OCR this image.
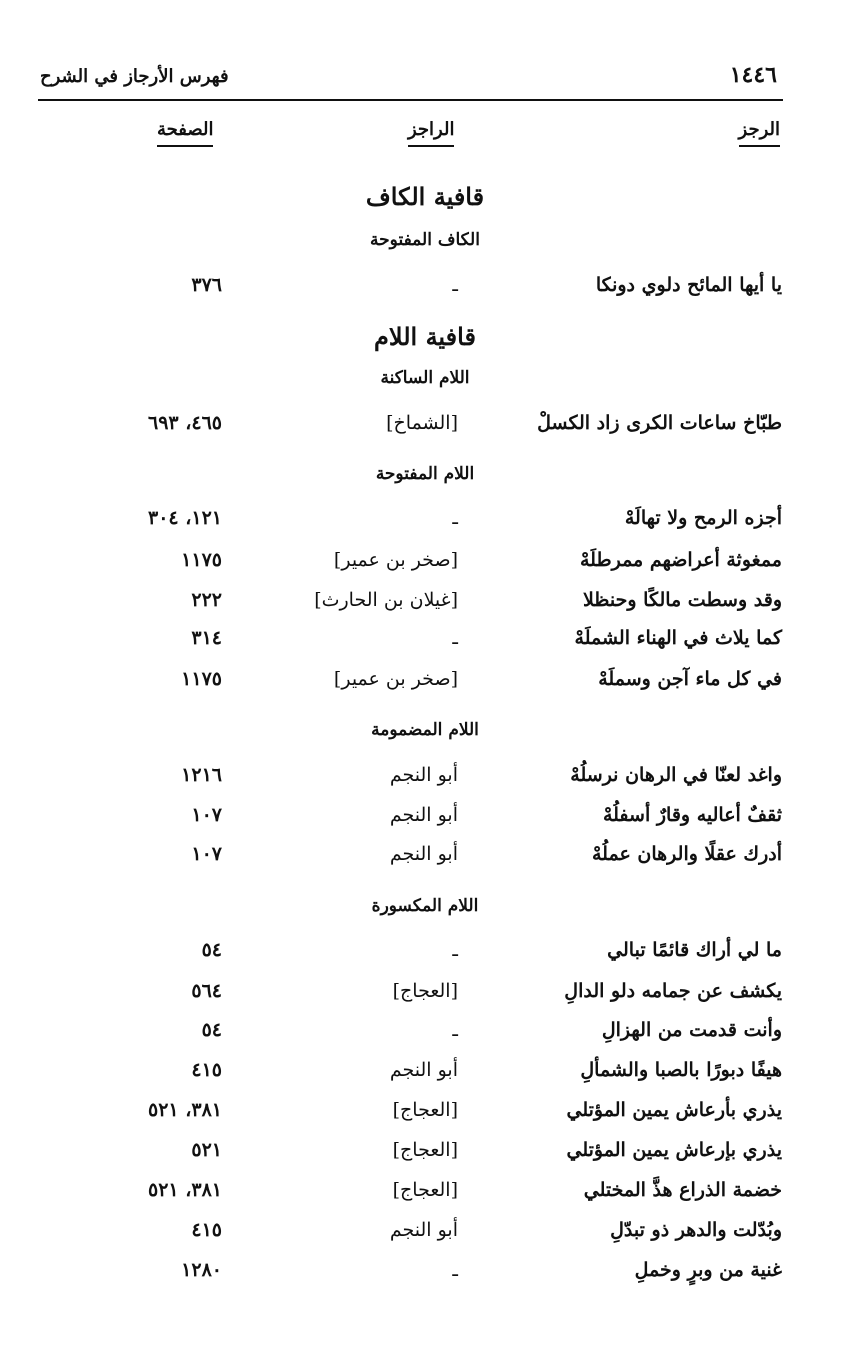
١٤٤٦
فهرس الأرجاز في الشرح
الرجز
الراجز
الصفحة
قافية الكاف
الكاف المفتوحة
يا أيها المائح دلوي دونكا
ـ
٣٧٦
قافية اللام
اللام الساكنة
طبّاخ ساعات الكرى زاد الكسلْ
[الشماخ]
٤٦٥، ٦٩٣
اللام المفتوحة
أجزه الرمح ولا تهالَهْ
ـ
١٢١، ٣٠٤
ممغوثة أعراضهم ممرطلَهْ
[صخر بن عمير]
١١٧٥
وقد وسطت مالكًا وحنظلا
[غيلان بن الحارث]
٢٢٢
كما يلاث في الهناء الشملَهْ
ـ
٣١٤
في كل ماء آجن وسملَهْ
[صخر بن عمير]
١١٧٥
اللام المضمومة
واغد لعنّا في الرهان نرسلُهْ
أبو النجم
١٢١٦
ثقفٌ أعاليه وقارٌ أسفلُهْ
أبو النجم
١٠٧
أدرك عقلًا والرهان عملُهْ
أبو النجم
١٠٧
اللام المكسورة
ما لي أراك قائمًا تبالي
ـ
٥٤
يكشف عن جمامه دلو الدالِ
[العجاج]
٥٦٤
وأنت قدمت من الهزالِ
ـ
٥٤
هيفًا دبورًا بالصبا والشمألِ
أبو النجم
٤١٥
يذري بأرعاش يمين المؤتلي
[العجاج]
٣٨١، ٥٢١
يذري بإرعاش يمين المؤتلي
[العجاج]
٥٢١
خضمة الذراع هذَّ المختلي
[العجاج]
٣٨١، ٥٢١
وبُدّلت والدهر ذو تبدّلِ
أبو النجم
٤١٥
غنية من وبرٍ وخملِ
ـ
١٢٨٠
